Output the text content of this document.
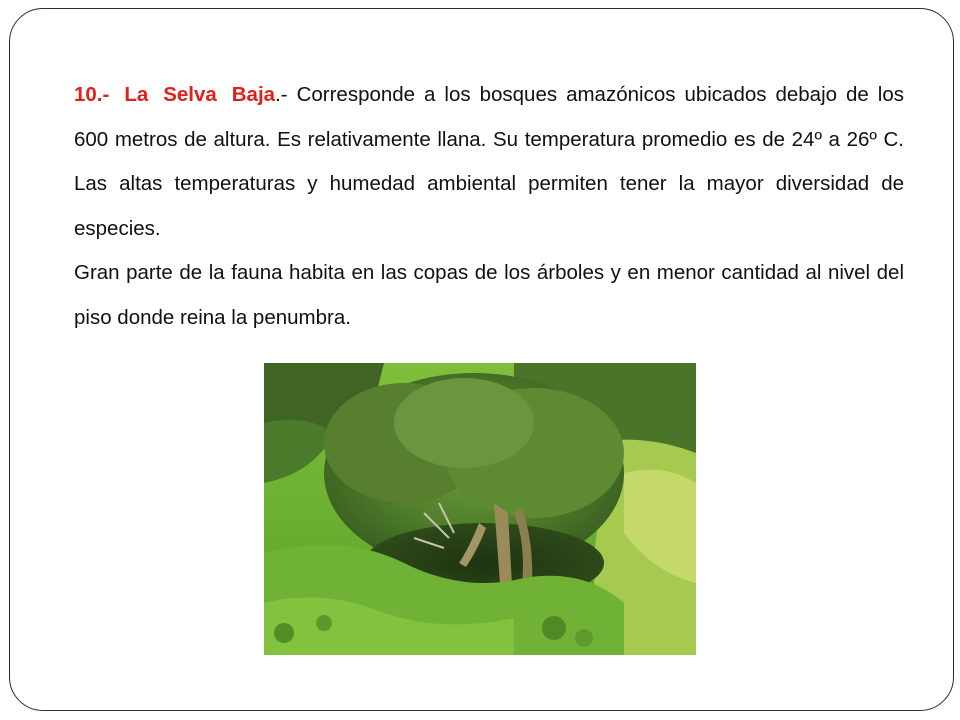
10.- La Selva Baja.- Corresponde a los bosques amazónicos ubicados debajo de los 600 metros de altura. Es relativamente llana. Su temperatura promedio es de 24º a 26º C. Las altas temperaturas y humedad ambiental permiten tener la mayor diversidad de especies.

Gran parte de la fauna habita en las copas de los árboles y en menor cantidad al nivel del piso donde reina la penumbra.
